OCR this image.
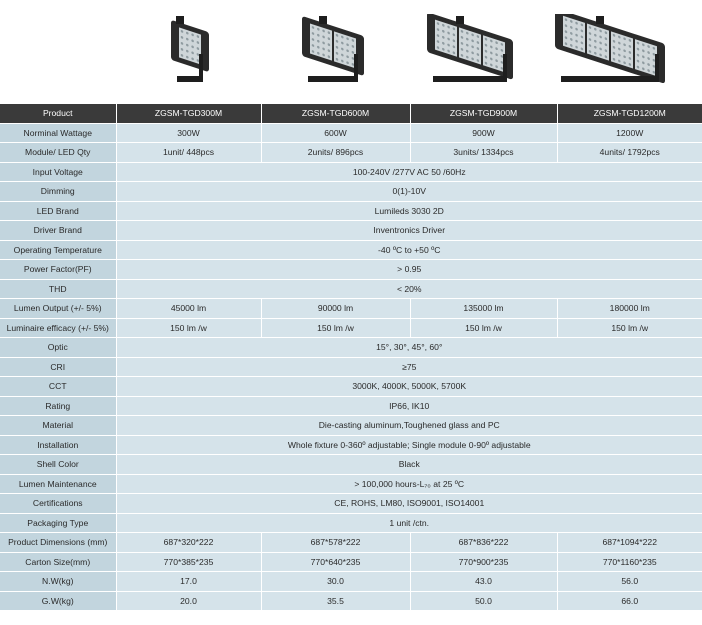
Product	ZGSM-TGD300M	ZGSM-TGD600M	ZGSM-TGD900M	ZGSM-TGD1200M
Norminal Wattage	300W	600W	900W	1200W
Module/ LED Qty	1unit/ 448pcs	2units/ 896pcs	3units/ 1334pcs	4units/ 1792pcs
Input Voltage	100-240V /277V AC 50 /60Hz			
Dimming	0(1)-10V			
LED Brand	Lumileds 3030 2D			
Driver Brand	Inventronics Driver			
Operating Temperature	-40 ºC to +50 ºC			
Power Factor(PF)	> 0.95			
THD	< 20%			
Lumen Output (+/- 5%)	45000 lm	90000 lm	135000 lm	180000 lm
Luminaire efficacy (+/- 5%)	150 lm /w	150 lm /w	150 lm /w	150 lm /w
Optic	15°, 30°, 45°, 60°			
CRI	≥75			
CCT	3000K, 4000K, 5000K, 5700K			
Rating	IP66, IK10			
Material	Die-casting aluminum,Toughened glass and PC			
Installation	Whole fixture 0-360º adjustable; Single module 0-90º adjustable			
Shell Color	Black			
Lumen Maintenance	> 100,000 hours-L₇₀ at 25 ºC			
Certifications	CE, ROHS, LM80, ISO9001, ISO14001			
Packaging Type	1 unit /ctn.			
Product Dimensions (mm)	687*320*222	687*578*222	687*836*222	687*1094*222
Carton Size(mm)	770*385*235	770*640*235	770*900*235	770*1160*235
N.W(kg)	17.0	30.0	43.0	56.0
G.W(kg)	20.0	35.5	50.0	66.0
